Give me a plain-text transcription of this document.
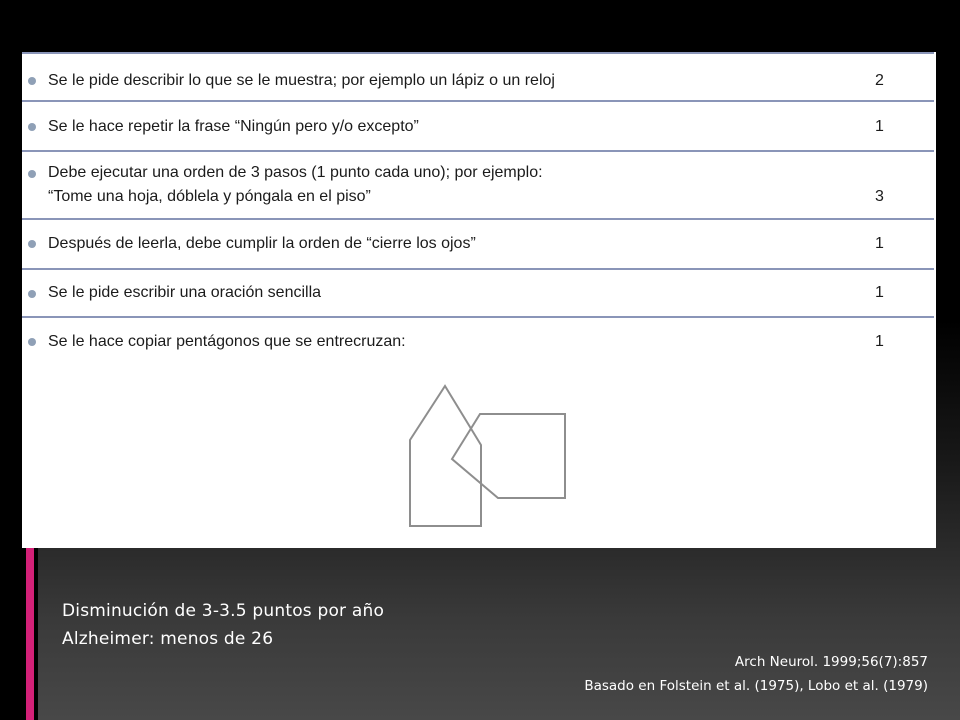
Se le pide describir lo que se le muestra; por ejemplo un lápiz o un reloj	2
Se le hace repetir la frase “Ningún pero y/o excepto”	1
Debe ejecutar una orden de 3 pasos (1 punto cada uno); por ejemplo:
“Tome una hoja, dóblela y póngala en el piso”	3
Después de leerla, debe cumplir la orden de “cierre los ojos”	1
Se le pide escribir una oración sencilla	1
Se le hace copiar pentágonos que se entrecruzan:	1
Disminución de 3-3.5 puntos por año
Alzheimer: menos de 26
Arch Neurol. 1999;56(7):857
Basado en Folstein et al. (1975), Lobo et al. (1979)
